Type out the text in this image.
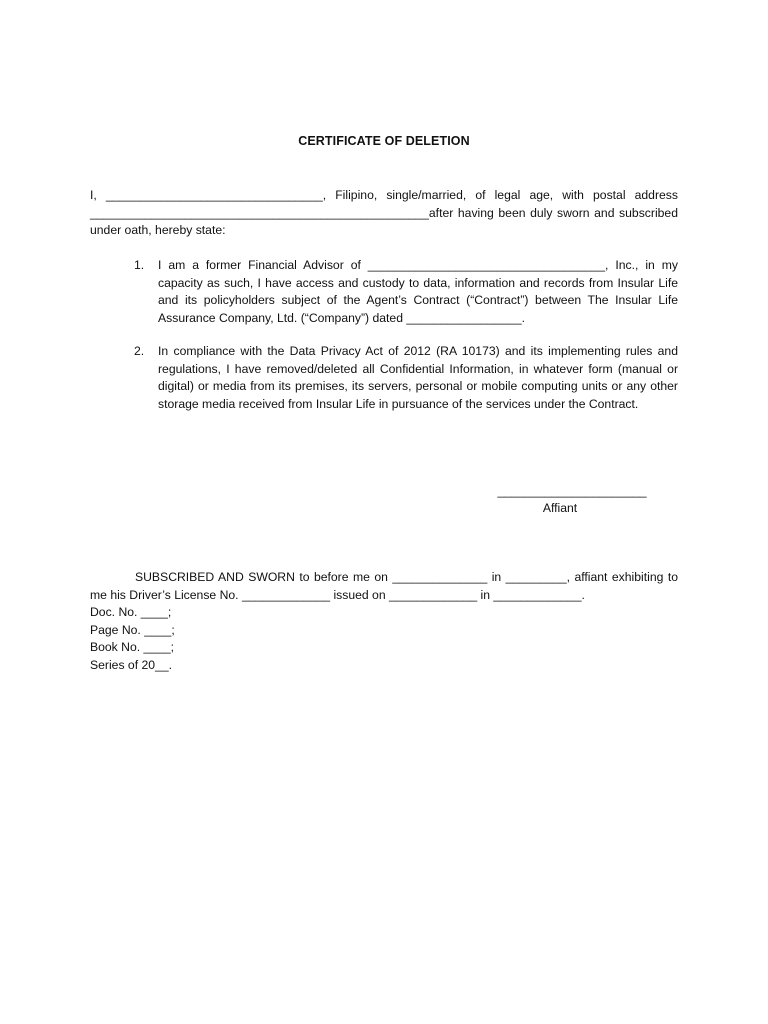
CERTIFICATE OF DELETION
I, ________________________________, Filipino, single/married, of legal age, with postal address __________________________________________________after having been duly sworn and subscribed under oath, hereby state:
1.	I am a former Financial Advisor of ___________________________________, Inc., in my capacity as such, I have access and custody to data, information and records from Insular Life and its policyholders subject of the Agent’s Contract (“Contract”) between The Insular Life Assurance Company, Ltd. (“Company”) dated _________________.
2.	In compliance with the Data Privacy Act of 2012 (RA 10173) and its implementing rules and regulations, I have removed/deleted all Confidential Information, in whatever form (manual or digital) or media from its premises, its servers, personal or mobile computing units or any other storage media received from Insular Life in pursuance of the services under the Contract.
______________________
Affiant
SUBSCRIBED AND SWORN to before me on ______________ in _________, affiant exhibiting to me his Driver’s License No. _____________ issued on _____________ in _____________.
Doc. No. ____;
Page No. ____;
Book No. ____;
Series of 20__.
